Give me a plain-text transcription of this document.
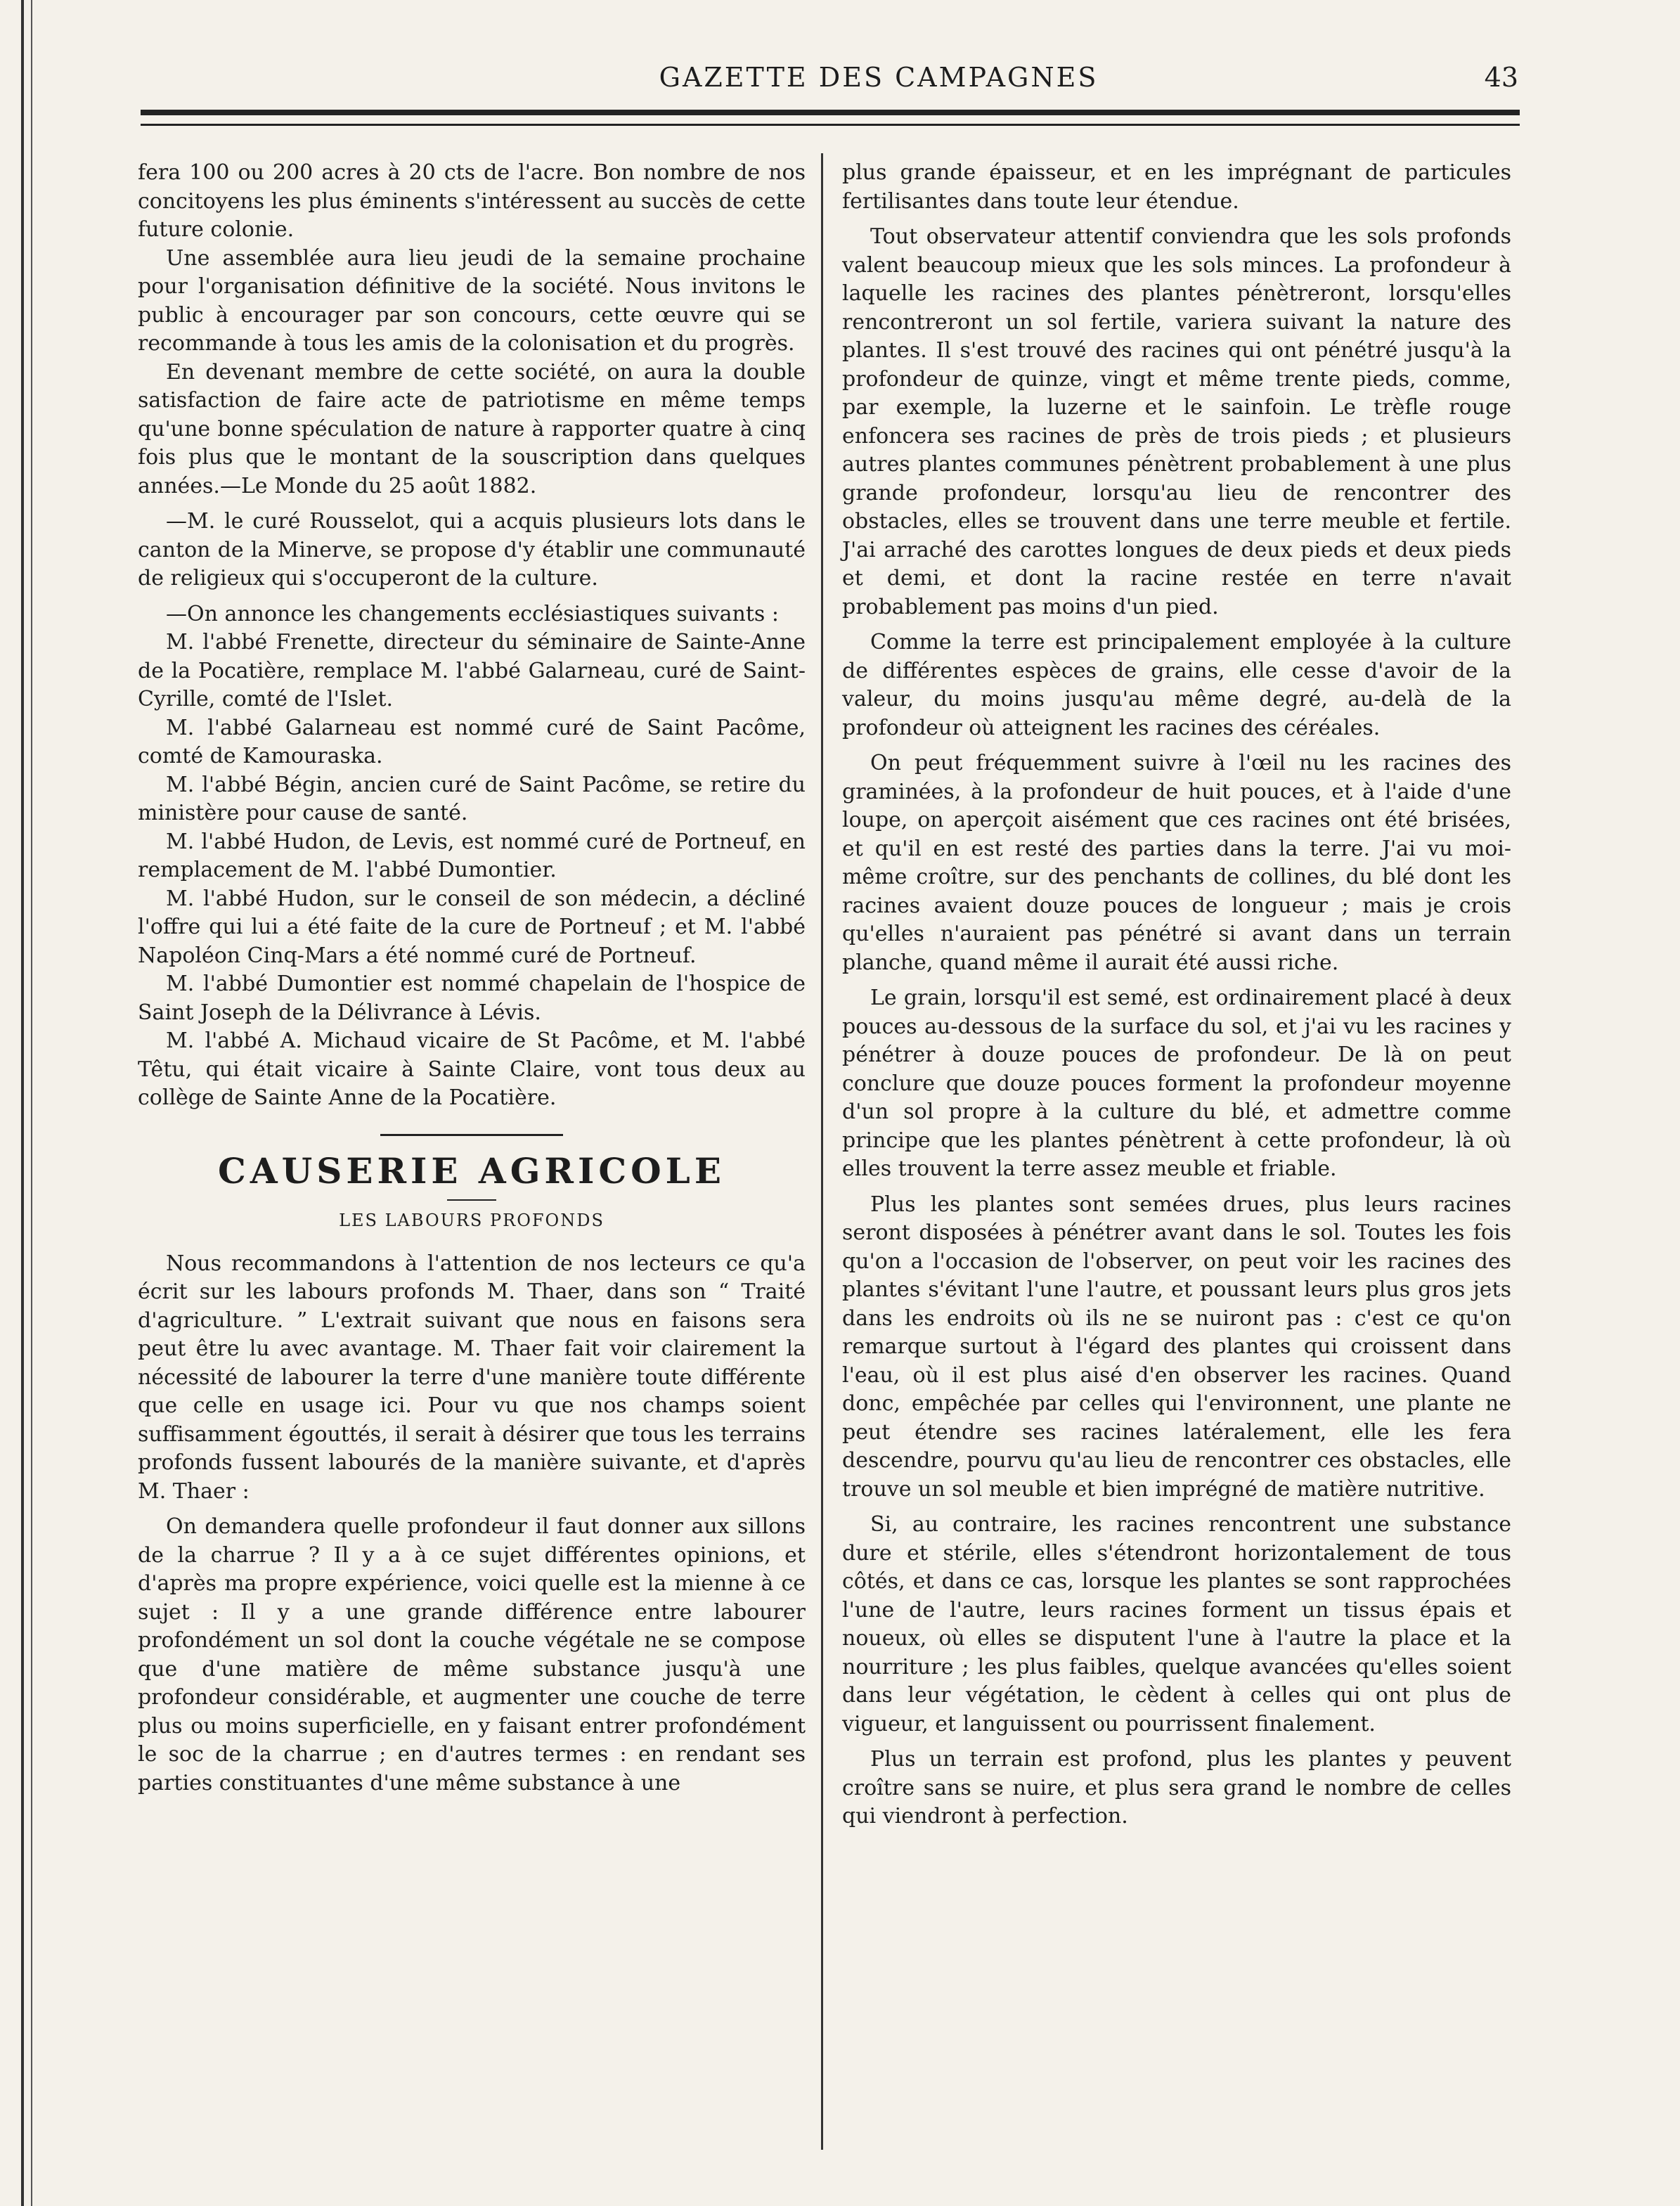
GAZETTE DES CAMPAGNES	43

fera 100 ou 200 acres à 20 cts de l'acre. Bon nombre de nos concitoyens les plus éminents s'intéressent au succès de cette future colonie.

Une assemblée aura lieu jeudi de la semaine prochaine pour l'organisation définitive de la société. Nous invitons le public à encourager par son concours, cette œuvre qui se recommande à tous les amis de la colonisation et du progrès.

En devenant membre de cette société, on aura la double satisfaction de faire acte de patriotisme en même temps qu'une bonne spéculation de nature à rapporter quatre à cinq fois plus que le montant de la souscription dans quelques années.—Le Monde du 25 août 1882.

—M. le curé Rousselot, qui a acquis plusieurs lots dans le canton de la Minerve, se propose d'y établir une communauté de religieux qui s'occuperont de la culture.

—On annonce les changements ecclésiastiques suivants :

M. l'abbé Frenette, directeur du séminaire de Sainte-Anne de la Pocatière, remplace M. l'abbé Galarneau, curé de Saint-Cyrille, comté de l'Islet.

M. l'abbé Galarneau est nommé curé de Saint Pacôme, comté de Kamouraska.

M. l'abbé Bégin, ancien curé de Saint Pacôme, se retire du ministère pour cause de santé.

M. l'abbé Hudon, de Levis, est nommé curé de Portneuf, en remplacement de M. l'abbé Dumontier.

M. l'abbé Hudon, sur le conseil de son médecin, a décliné l'offre qui lui a été faite de la cure de Portneuf ; et M. l'abbé Napoléon Cinq-Mars a été nommé curé de Portneuf.

M. l'abbé Dumontier est nommé chapelain de l'hospice de Saint Joseph de la Délivrance à Lévis.

M. l'abbé A. Michaud vicaire de St Pacôme, et M. l'abbé Têtu, qui était vicaire à Sainte Claire, vont tous deux au collège de Sainte Anne de la Pocatière.

CAUSERIE AGRICOLE
LES LABOURS PROFONDS

Nous recommandons à l'attention de nos lecteurs ce qu'a écrit sur les labours profonds M. Thaer, dans son “ Traité d'agriculture. ” L'extrait suivant que nous en faisons sera peut être lu avec avantage. M. Thaer fait voir clairement la nécessité de labourer la terre d'une manière toute différente que celle en usage ici. Pour vu que nos champs soient suffisamment égouttés, il serait à désirer que tous les terrains profonds fussent labourés de la manière suivante, et d'après M. Thaer :

On demandera quelle profondeur il faut donner aux sillons de la charrue ? Il y a à ce sujet différentes opinions, et d'après ma propre expérience, voici quelle est la mienne à ce sujet : Il y a une grande différence entre labourer profondément un sol dont la couche végétale ne se compose que d'une matière de même substance jusqu'à une profondeur considérable, et augmenter une couche de terre plus ou moins superficielle, en y faisant entrer profondément le soc de la charrue ; en d'autres termes : en rendant ses parties constituantes d'une même substance à une

plus grande épaisseur, et en les imprégnant de particules fertilisantes dans toute leur étendue.

Tout observateur attentif conviendra que les sols profonds valent beaucoup mieux que les sols minces. La profondeur à laquelle les racines des plantes pénètreront, lorsqu'elles rencontreront un sol fertile, variera suivant la nature des plantes. Il s'est trouvé des racines qui ont pénétré jusqu'à la profondeur de quinze, vingt et même trente pieds, comme, par exemple, la luzerne et le sainfoin. Le trèfle rouge enfoncera ses racines de près de trois pieds ; et plusieurs autres plantes communes pénètrent probablement à une plus grande profondeur, lorsqu'au lieu de rencontrer des obstacles, elles se trouvent dans une terre meuble et fertile. J'ai arraché des carottes longues de deux pieds et deux pieds et demi, et dont la racine restée en terre n'avait probablement pas moins d'un pied.

Comme la terre est principalement employée à la culture de différentes espèces de grains, elle cesse d'avoir de la valeur, du moins jusqu'au même degré, au-delà de la profondeur où atteignent les racines des céréales.

On peut fréquemment suivre à l'œil nu les racines des graminées, à la profondeur de huit pouces, et à l'aide d'une loupe, on aperçoit aisément que ces racines ont été brisées, et qu'il en est resté des parties dans la terre. J'ai vu moi-même croître, sur des penchants de collines, du blé dont les racines avaient douze pouces de longueur ; mais je crois qu'elles n'auraient pas pénétré si avant dans un terrain planche, quand même il aurait été aussi riche.

Le grain, lorsqu'il est semé, est ordinairement placé à deux pouces au-dessous de la surface du sol, et j'ai vu les racines y pénétrer à douze pouces de profondeur. De là on peut conclure que douze pouces forment la profondeur moyenne d'un sol propre à la culture du blé, et admettre comme principe que les plantes pénètrent à cette profondeur, là où elles trouvent la terre assez meuble et friable.

Plus les plantes sont semées drues, plus leurs racines seront disposées à pénétrer avant dans le sol. Toutes les fois qu'on a l'occasion de l'observer, on peut voir les racines des plantes s'évitant l'une l'autre, et poussant leurs plus gros jets dans les endroits où ils ne se nuiront pas : c'est ce qu'on remarque surtout à l'égard des plantes qui croissent dans l'eau, où il est plus aisé d'en observer les racines. Quand donc, empêchée par celles qui l'environnent, une plante ne peut étendre ses racines latéralement, elle les fera descendre, pourvu qu'au lieu de rencontrer ces obstacles, elle trouve un sol meuble et bien imprégné de matière nutritive.

Si, au contraire, les racines rencontrent une substance dure et stérile, elles s'étendront horizontalement de tous côtés, et dans ce cas, lorsque les plantes se sont rapprochées l'une de l'autre, leurs racines forment un tissus épais et noueux, où elles se disputent l'une à l'autre la place et la nourriture ; les plus faibles, quelque avancées qu'elles soient dans leur végétation, le cèdent à celles qui ont plus de vigueur, et languissent ou pourrissent finalement.

Plus un terrain est profond, plus les plantes y peuvent croître sans se nuire, et plus sera grand le nombre de celles qui viendront à perfection.
